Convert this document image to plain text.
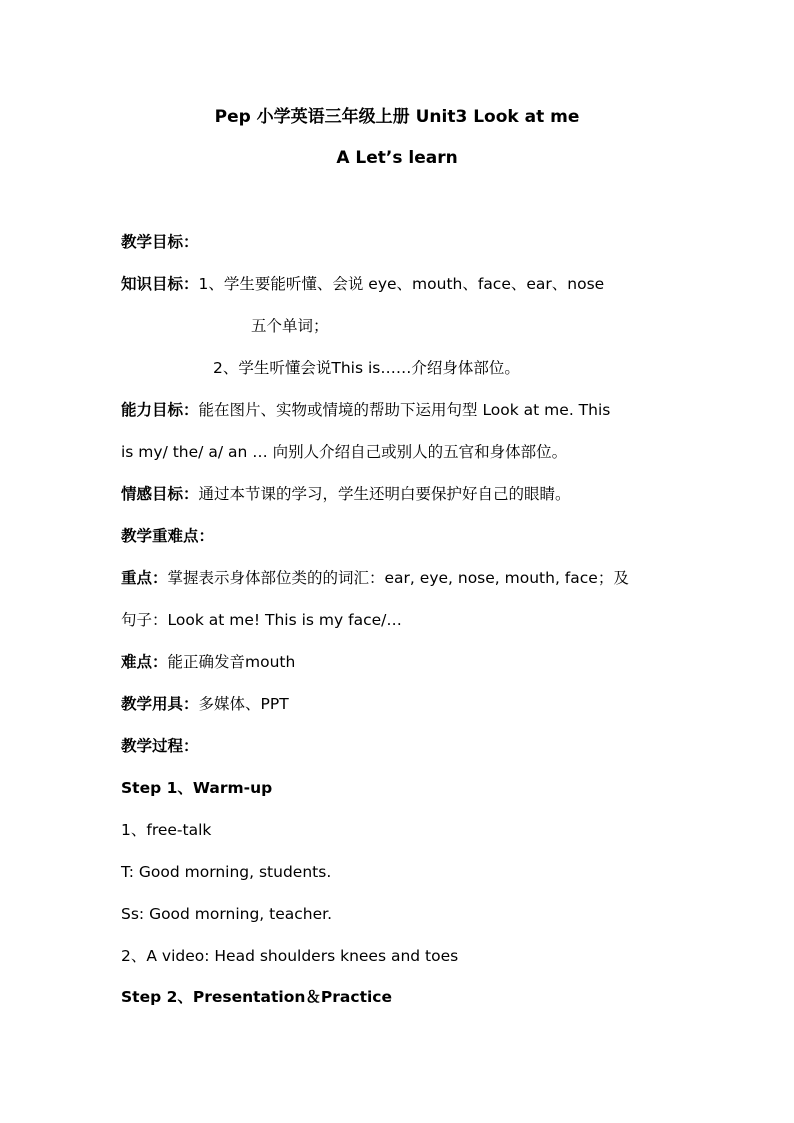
Pep 小学英语三年级上册 Unit3 Look at me
A Let’s learn
教学目标：
知识目标：1、学生要能听懂、会说 eye、mouth、face、ear、nose
五个单词；
2、学生听懂会说This is……介绍身体部位。
能力目标：能在图片、实物或情境的帮助下运用句型 Look at me. This
is my/ the/ a/ an … 向别人介绍自己或别人的五官和身体部位。
情感目标：通过本节课的学习，学生还明白要保护好自己的眼睛。
教学重难点：
重点：掌握表示身体部位类的的词汇：ear, eye, nose, mouth, face；及
句子：Look at me! This is my face/…
难点：能正确发音mouth
教学用具：多媒体、PPT
教学过程：
Step 1、Warm-up
1、free-talk
T: Good morning, students.
Ss: Good morning, teacher.
2、A video: Head shoulders knees and toes
Step 2、Presentation＆Practice
